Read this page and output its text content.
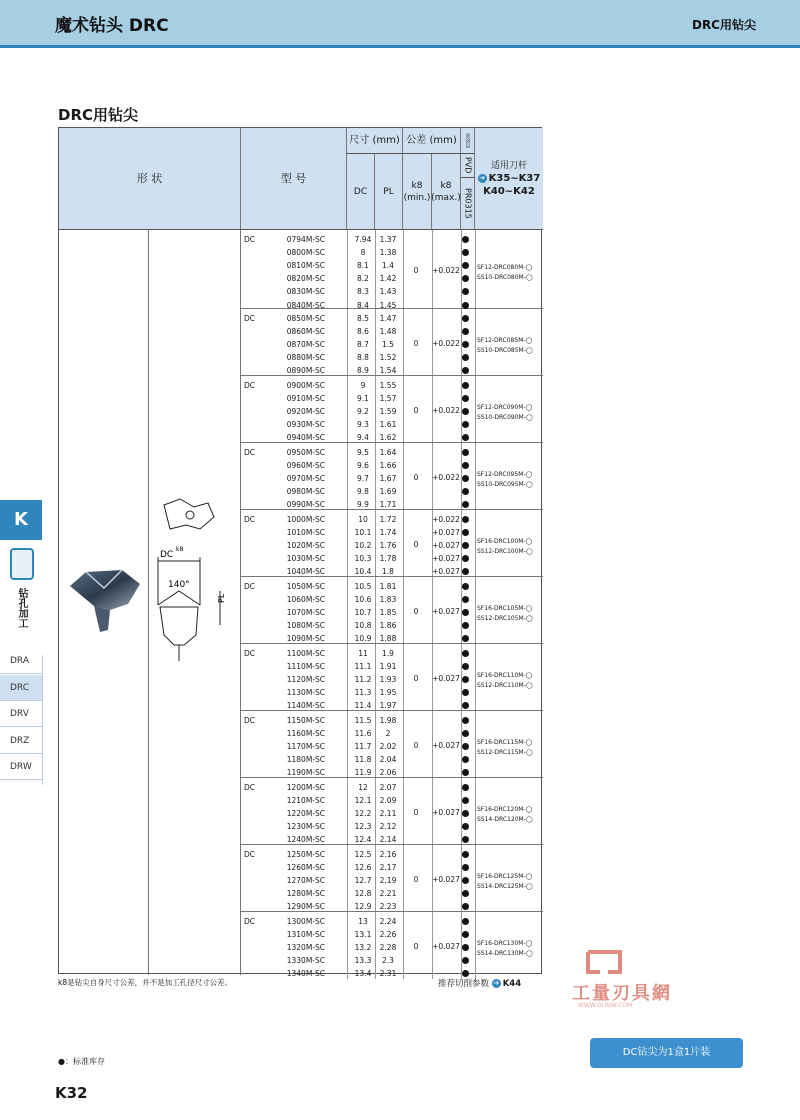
魔术钻头 DRC	DRC用钻尖
DRC用钻尖
K
钻孔加工
DRA
DRC
DRV
DRZ
DRW
形 状	型 号
尺寸 (mm) 公差 (mm)	底涂层
DC	PL
k8
(min.)
k8
(max.)
PVD
PR0315
适用刀杆
➔ K35~K37
K40~K42
DC	0794M-SC	7.94	1.37
0800M-SC	8	1.38
0810M-SC	8.1	1.4
0820M-SC	8.2	1.42
0830M-SC	8.3	1.43
0840M-SC	8.4	1.45
0	+0.022	SF12-DRC080M-◯
SS10-DRC080M-◯
DC	0850M-SC	8.5	1.47
0860M-SC	8.6	1.48
0870M-SC	8.7	1.5
0880M-SC	8.8	1.52
0890M-SC	8.9	1.54
0	+0.022	SF12-DRC085M-◯
SS10-DRC085M-◯
DC	0900M-SC	9	1.55
0910M-SC	9.1	1.57
0920M-SC	9.2	1.59
0930M-SC	9.3	1.61
0940M-SC	9.4	1.62
0	+0.022	SF12-DRC090M-◯
SS10-DRC090M-◯
DC	0950M-SC	9.5	1.64
0960M-SC	9.6	1.66
0970M-SC	9.7	1.67
0980M-SC	9.8	1.69
0990M-SC	9.9	1.71
0	+0.022	SF12-DRC095M-◯
SS10-DRC095M-◯
DC	1000M-SC	10	1.72	+0.022
1010M-SC	10.1	1.74	+0.027
1020M-SC	10.2	1.76	+0.027
1030M-SC	10.3	1.78	+0.027
1040M-SC	10.4	1.8	+0.027
0	SF16-DRC100M-◯
SS12-DRC100M-◯
DC	1050M-SC	10.5	1.81
1060M-SC	10.6	1.83
1070M-SC	10.7	1.85
1080M-SC	10.8	1.86
1090M-SC	10.9	1.88
0	+0.027	SF16-DRC105M-◯
SS12-DRC105M-◯
DC	1100M-SC	11	1.9
1110M-SC	11.1	1.91
1120M-SC	11.2	1.93
1130M-SC	11.3	1.95
1140M-SC	11.4	1.97
0	+0.027	SF16-DRC110M-◯
SS12-DRC110M-◯
DC	1150M-SC	11.5	1.98
1160M-SC	11.6	2
1170M-SC	11.7	2.02
1180M-SC	11.8	2.04
1190M-SC	11.9	2.06
0	+0.027	SF16-DRC115M-◯
SS12-DRC115M-◯
DC	1200M-SC	12	2.07
1210M-SC	12.1	2.09
1220M-SC	12.2	2.11
1230M-SC	12.3	2.12
1240M-SC	12.4	2.14
0	+0.027	SF16-DRC120M-◯
SS14-DRC120M-◯
DC	1250M-SC	12.5	2.16
1260M-SC	12.6	2.17
1270M-SC	12.7	2.19
1280M-SC	12.8	2.21
1290M-SC	12.9	2.23
0	+0.027	SF16-DRC125M-◯
SS14-DRC125M-◯
DC	1300M-SC	13	2.24
1310M-SC	13.1	2.26
1320M-SC	13.2	2.28
1330M-SC	13.3	2.3
1340M-SC	13.4	2.31
0	+0.027	SF16-DRC130M-◯
SS14-DRC130M-◯
DC
k8
140°
PL
k8是钻尖自身尺寸公差，并不是加工孔径尺寸公差。	推荐切削参数 ➔ K44	工量刃具網
WWW.GLRJW.COM
●：标准库存
K32
DC钻尖为1盒1片装
